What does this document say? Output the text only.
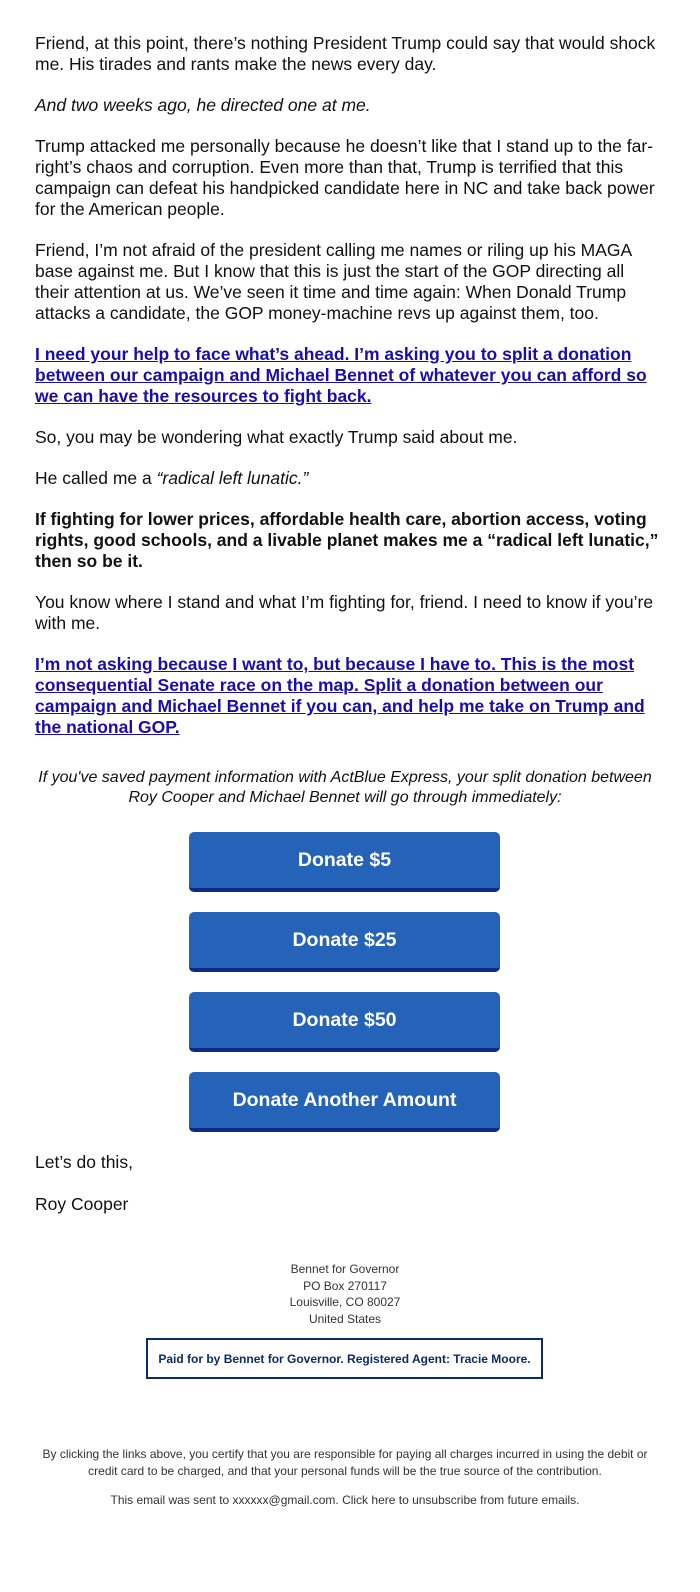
Friend, at this point, there’s nothing President Trump could say that would shock me. His tirades and rants make the news every day.

And two weeks ago, he directed one at me.

Trump attacked me personally because he doesn’t like that I stand up to the far-right’s chaos and corruption. Even more than that, Trump is terrified that this campaign can defeat his handpicked candidate here in NC and take back power for the American people.

Friend, I’m not afraid of the president calling me names or riling up his MAGA base against me. But I know that this is just the start of the GOP directing all their attention at us. We’ve seen it time and time again: When Donald Trump attacks a candidate, the GOP money-machine revs up against them, too.

I need your help to face what’s ahead. I’m asking you to split a donation between our campaign and Michael Bennet of whatever you can afford so we can have the resources to fight back.

So, you may be wondering what exactly Trump said about me.

He called me a “radical left lunatic.”

If fighting for lower prices, affordable health care, abortion access, voting rights, good schools, and a livable planet makes me a “radical left lunatic,” then so be it.

You know where I stand and what I’m fighting for, friend. I need to know if you’re with me.

I’m not asking because I want to, but because I have to. This is the most consequential Senate race on the map. Split a donation between our campaign and Michael Bennet if you can, and help me take on Trump and the national GOP.

If you've saved payment information with ActBlue Express, your split donation between Roy Cooper and Michael Bennet will go through immediately:
Donate $5
Donate $25
Donate $50
Donate Another Amount
Let’s do this,
Roy Cooper
Bennet for Governor
PO Box 270117
Louisville, CO 80027
United States
Paid for by Bennet for Governor. Registered Agent: Tracie Moore.
By clicking the links above, you certify that you are responsible for paying all charges incurred in using the debit or credit card to be charged, and that your personal funds will be the true source of the contribution.
This email was sent to xxxxxx@gmail.com. Click here to unsubscribe from future emails.
